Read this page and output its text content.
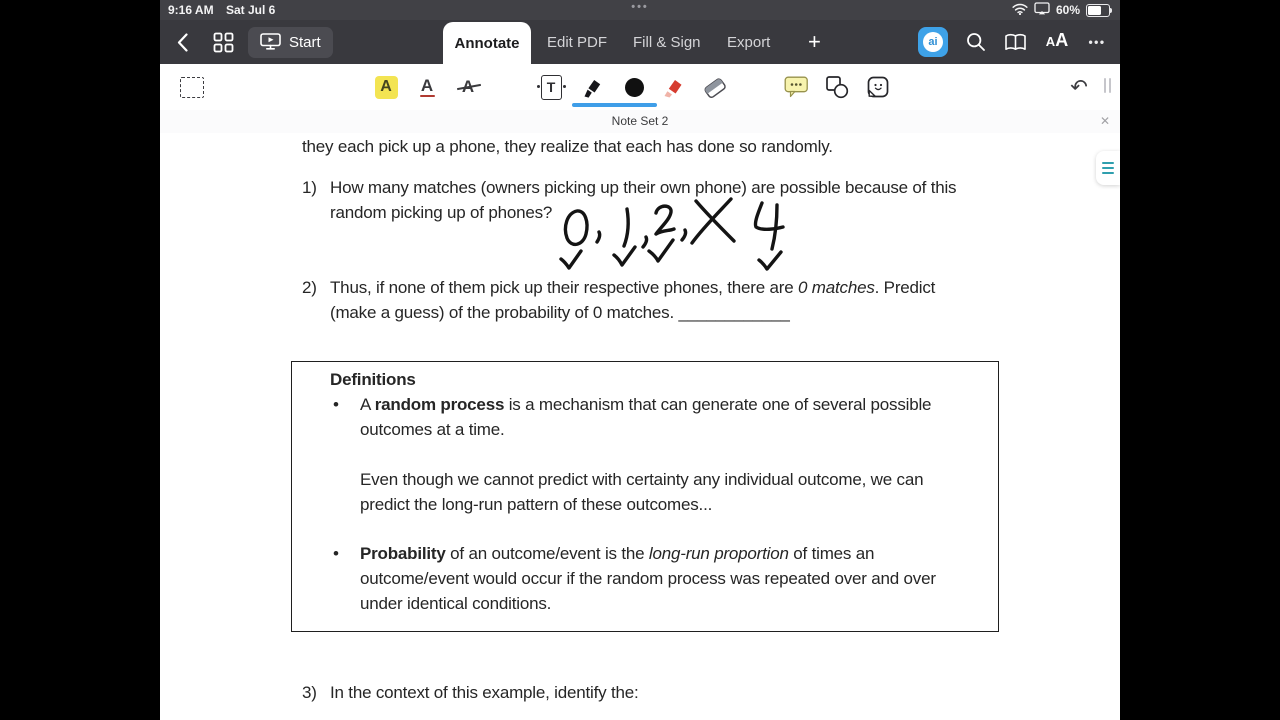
9:16 AM Sat Jul 6	•••	60%
Start	Annotate Edit PDF Fill & Sign Export +	ai	A A •••
A	A	T	↶
Note Set 2	✕
they each pick up a phone, they realize that each has done so randomly.
1) How many matches (owners picking up their own phone) are possible because of this
random picking up of phones?
2) Thus, if none of them pick up their respective phones, there are 0 matches. Predict
(make a guess) of the probability of 0 matches. ____________
Definitions
• A random process is a mechanism that can generate one of several possible
outcomes at a time.
Even though we cannot predict with certainty any individual outcome, we can
predict the long-run pattern of these outcomes...
• Probability of an outcome/event is the long-run proportion of times an
outcome/event would occur if the random process was repeated over and over
under identical conditions.
3) In the context of this example, identify the:
